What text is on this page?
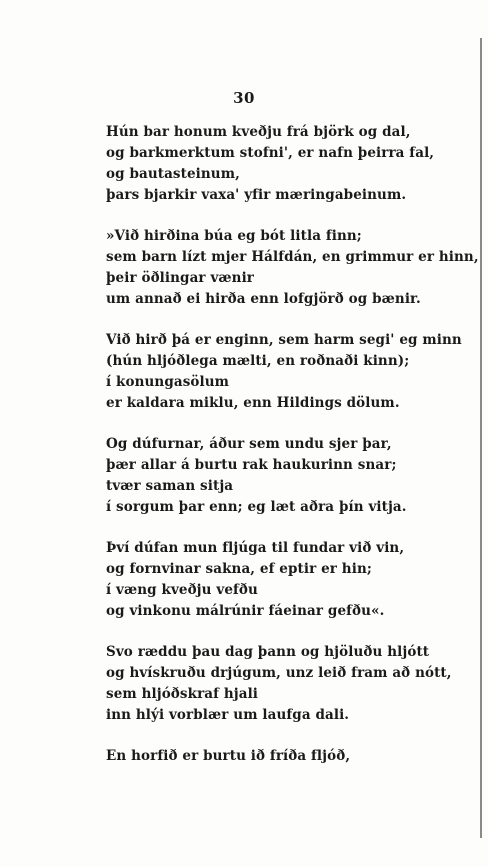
30
Hún bar honum kveðju frá björk og dal,
og barkmerktum stofni', er nafn þeirra fal,
og bautasteinum,
þars bjarkir vaxa' yfir mæringabeinum.
»Við hirðina búa eg bót litla finn;
sem barn lízt mjer Hálfdán, en grimmur er hinn,
þeir öðlingar vænir
um annað ei hirða enn lofgjörð og bænir.
Við hirð þá er enginn, sem harm segi' eg minn
(hún hljóðlega mælti, en roðnaði kinn);
í konungasölum
er kaldara miklu, enn Hildings dölum.
Og dúfurnar, áður sem undu sjer þar,
þær allar á burtu rak haukurinn snar;
tvær saman sitja
í sorgum þar enn; eg læt aðra þín vitja.
Því dúfan mun fljúga til fundar við vin,
og fornvinar sakna, ef eptir er hin;
í væng kveðju vefðu
og vinkonu málrúnir fáeinar gefðu«.
Svo ræddu þau dag þann og hjöluðu hljótt
og hvískruðu drjúgum, unz leið fram að nótt,
sem hljóðskraf hjali
inn hlýi vorblær um laufga dali.
En horfið er burtu ið fríða fljóð,
